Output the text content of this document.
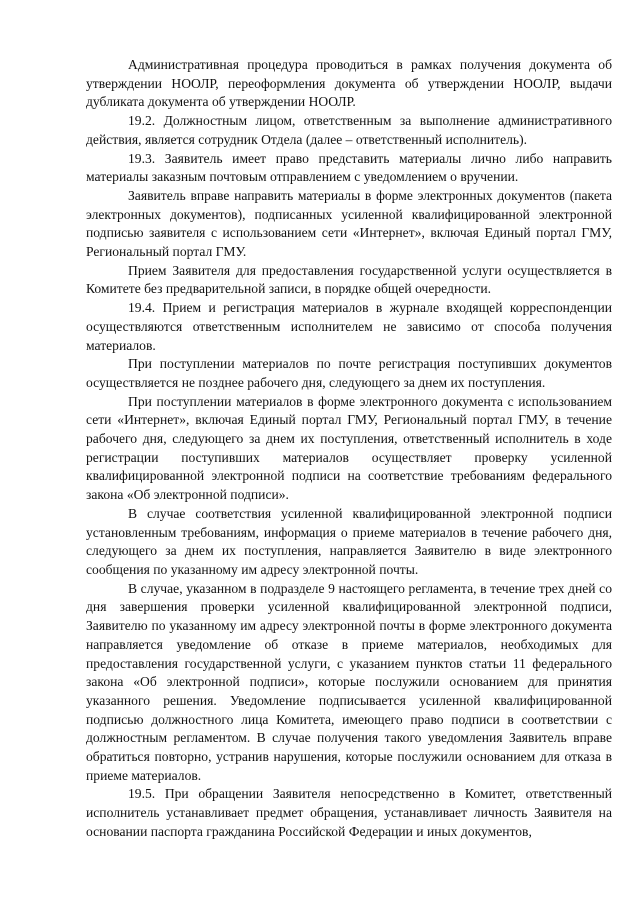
Административная процедура проводиться в рамках получения документа об утверждении НООЛР, переоформления документа об утверждении НООЛР, выдачи дубликата документа об утверждении НООЛР.

19.2. Должностным лицом, ответственным за выполнение административного действия, является сотрудник Отдела (далее – ответственный исполнитель).

19.3. Заявитель имеет право представить материалы лично либо направить материалы заказным почтовым отправлением с уведомлением о вручении.

Заявитель вправе направить материалы в форме электронных документов (пакета электронных документов), подписанных усиленной квалифицированной электронной подписью заявителя с использованием сети «Интернет», включая Единый портал ГМУ, Региональный портал ГМУ.

Прием Заявителя для предоставления государственной услуги осуществляется в Комитете без предварительной записи, в порядке общей очередности.

19.4. Прием и регистрация материалов в журнале входящей корреспонденции осуществляются ответственным исполнителем не зависимо от способа получения материалов.

При поступлении материалов по почте регистрация поступивших документов осуществляется не позднее рабочего дня, следующего за днем их поступления.

При поступлении материалов в форме электронного документа с использованием сети «Интернет», включая Единый портал ГМУ, Региональный портал ГМУ, в течение рабочего дня, следующего за днем их поступления, ответственный исполнитель в ходе регистрации поступивших материалов осуществляет проверку усиленной квалифицированной электронной подписи на соответствие требованиям федерального закона «Об электронной подписи».

В случае соответствия усиленной квалифицированной электронной подписи установленным требованиям, информация о приеме материалов в течение рабочего дня, следующего за днем их поступления, направляется Заявителю в виде электронного сообщения по указанному им адресу электронной почты.

В случае, указанном в подразделе 9 настоящего регламента, в течение трех дней со дня завершения проверки усиленной квалифицированной электронной подписи, Заявителю по указанному им адресу электронной почты в форме электронного документа направляется уведомление об отказе в приеме материалов, необходимых для предоставления государственной услуги, с указанием пунктов статьи 11 федерального закона «Об электронной подписи», которые послужили основанием для принятия указанного решения. Уведомление подписывается усиленной квалифицированной подписью должностного лица Комитета, имеющего право подписи в соответствии с должностным регламентом. В случае получения такого уведомления Заявитель вправе обратиться повторно, устранив нарушения, которые послужили основанием для отказа в приеме материалов.

19.5. При обращении Заявителя непосредственно в Комитет, ответственный исполнитель устанавливает предмет обращения, устанавливает личность Заявителя на основании паспорта гражданина Российской Федерации и иных документов,
